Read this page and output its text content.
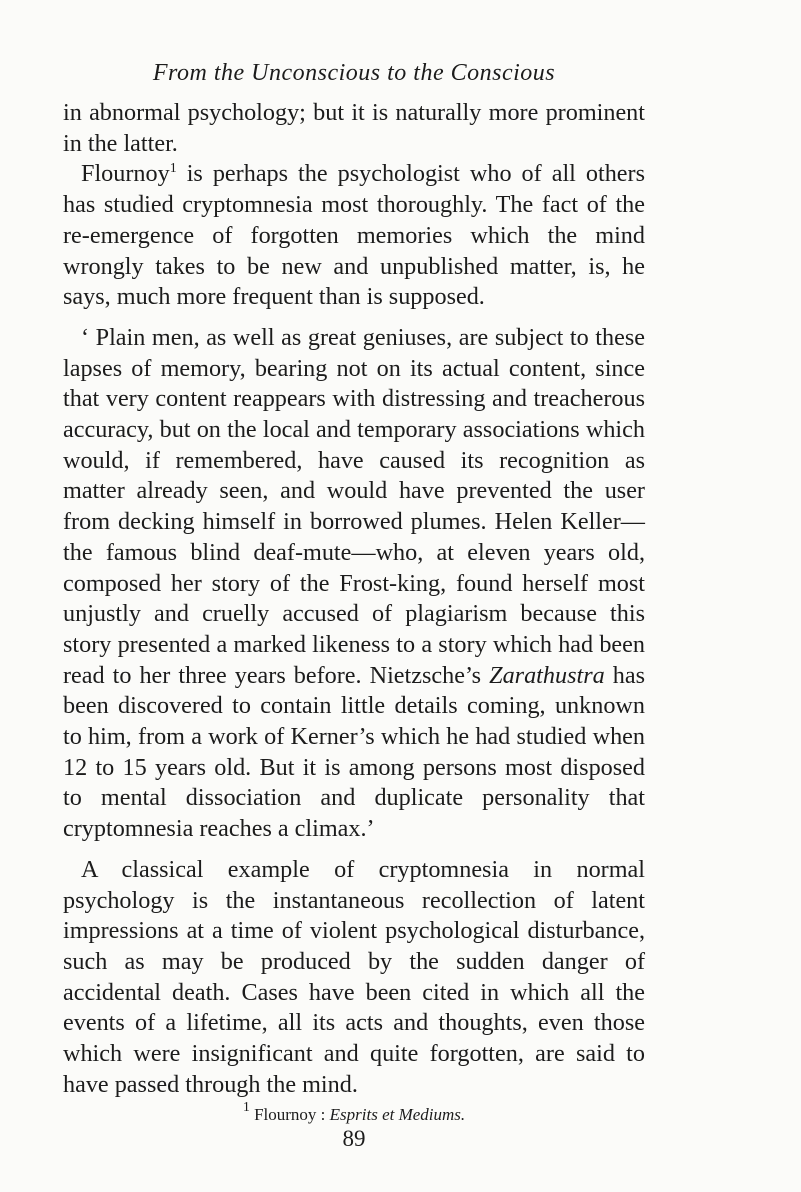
From the Unconscious to the Conscious

in abnormal psychology; but it is naturally more prominent in the latter.

Flournoy$^1$ is perhaps the psychologist who of all others has studied cryptomnesia most thoroughly. The fact of the re-emergence of forgotten memories which the mind wrongly takes to be new and unpublished matter, is, he says, much more frequent than is supposed.

‘ Plain men, as well as great geniuses, are subject to these lapses of memory, bearing not on its actual content, since that very content reappears with distressing and treacherous accuracy, but on the local and temporary associations which would, if remembered, have caused its recognition as matter already seen, and would have prevented the user from decking himself in borrowed plumes. Helen Keller—the famous blind deaf-mute—who, at eleven years old, composed her story of the Frost-king, found herself most unjustly and cruelly accused of plagiarism because this story presented a marked likeness to a story which had been read to her three years before. Nietzsche’s Zarathustra has been discovered to contain little details coming, unknown to him, from a work of Kerner’s which he had studied when 12 to 15 years old. But it is among persons most disposed to mental dissociation and duplicate personality that cryptomnesia reaches a climax.’

A classical example of cryptomnesia in normal psychology is the instantaneous recollection of latent impressions at a time of violent psychological disturbance, such as may be produced by the sudden danger of accidental death. Cases have been cited in which all the events of a lifetime, all its acts and thoughts, even those which were insignificant and quite forgotten, are said to have passed through the mind.

$^1$ Flournoy : Esprits et Mediums.
89
